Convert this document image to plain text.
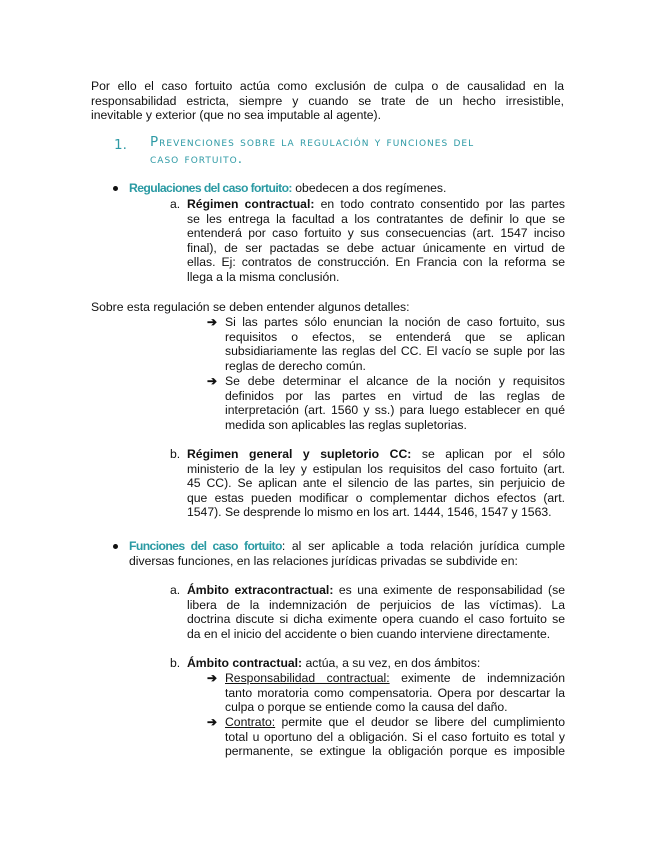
Por ello el caso fortuito actúa como exclusión de culpa o de causalidad en la
responsabilidad estricta, siempre y cuando se trate de un hecho irresistible,
inevitable y exterior (que no sea imputable al agente).
1. Prevenciones sobre la regulación y funciones del
caso fortuito.
Regulaciones del caso fortuito: obedecen a dos regímenes.
a. Régimen contractual: en todo contrato consentido por las partes
se les entrega la facultad a los contratantes de definir lo que se
entenderá por caso fortuito y sus consecuencias (art. 1547 inciso
final), de ser pactadas se debe actuar únicamente en virtud de
ellas. Ej: contratos de construcción. En Francia con la reforma se
llega a la misma conclusión.
Sobre esta regulación se deben entender algunos detalles:
➔ Si las partes sólo enuncian la noción de caso fortuito, sus
requisitos o efectos, se entenderá que se aplican
subsidiariamente las reglas del CC. El vacío se suple por las
reglas de derecho común.
➔ Se debe determinar el alcance de la noción y requisitos
definidos por las partes en virtud de las reglas de
interpretación (art. 1560 y ss.) para luego establecer en qué
medida son aplicables las reglas supletorias.
b. Régimen general y supletorio CC: se aplican por el sólo
ministerio de la ley y estipulan los requisitos del caso fortuito (art.
45 CC). Se aplican ante el silencio de las partes, sin perjuicio de
que estas pueden modificar o complementar dichos efectos (art.
1547). Se desprende lo mismo en los art. 1444, 1546, 1547 y 1563.
Funciones del caso fortuito: al ser aplicable a toda relación jurídica cumple
diversas funciones, en las relaciones jurídicas privadas se subdivide en:
a. Ámbito extracontractual: es una eximente de responsabilidad (se
libera de la indemnización de perjuicios de las víctimas). La
doctrina discute si dicha eximente opera cuando el caso fortuito se
da en el inicio del accidente o bien cuando interviene directamente.
b. Ámbito contractual: actúa, a su vez, en dos ámbitos:
➔ Responsabilidad contractual: eximente de indemnización
tanto moratoria como compensatoria. Opera por descartar la
culpa o porque se entiende como la causa del daño.
➔ Contrato: permite que el deudor se libere del cumplimiento
total u oportuno del a obligación. Si el caso fortuito es total y
permanente, se extingue la obligación porque es imposible
